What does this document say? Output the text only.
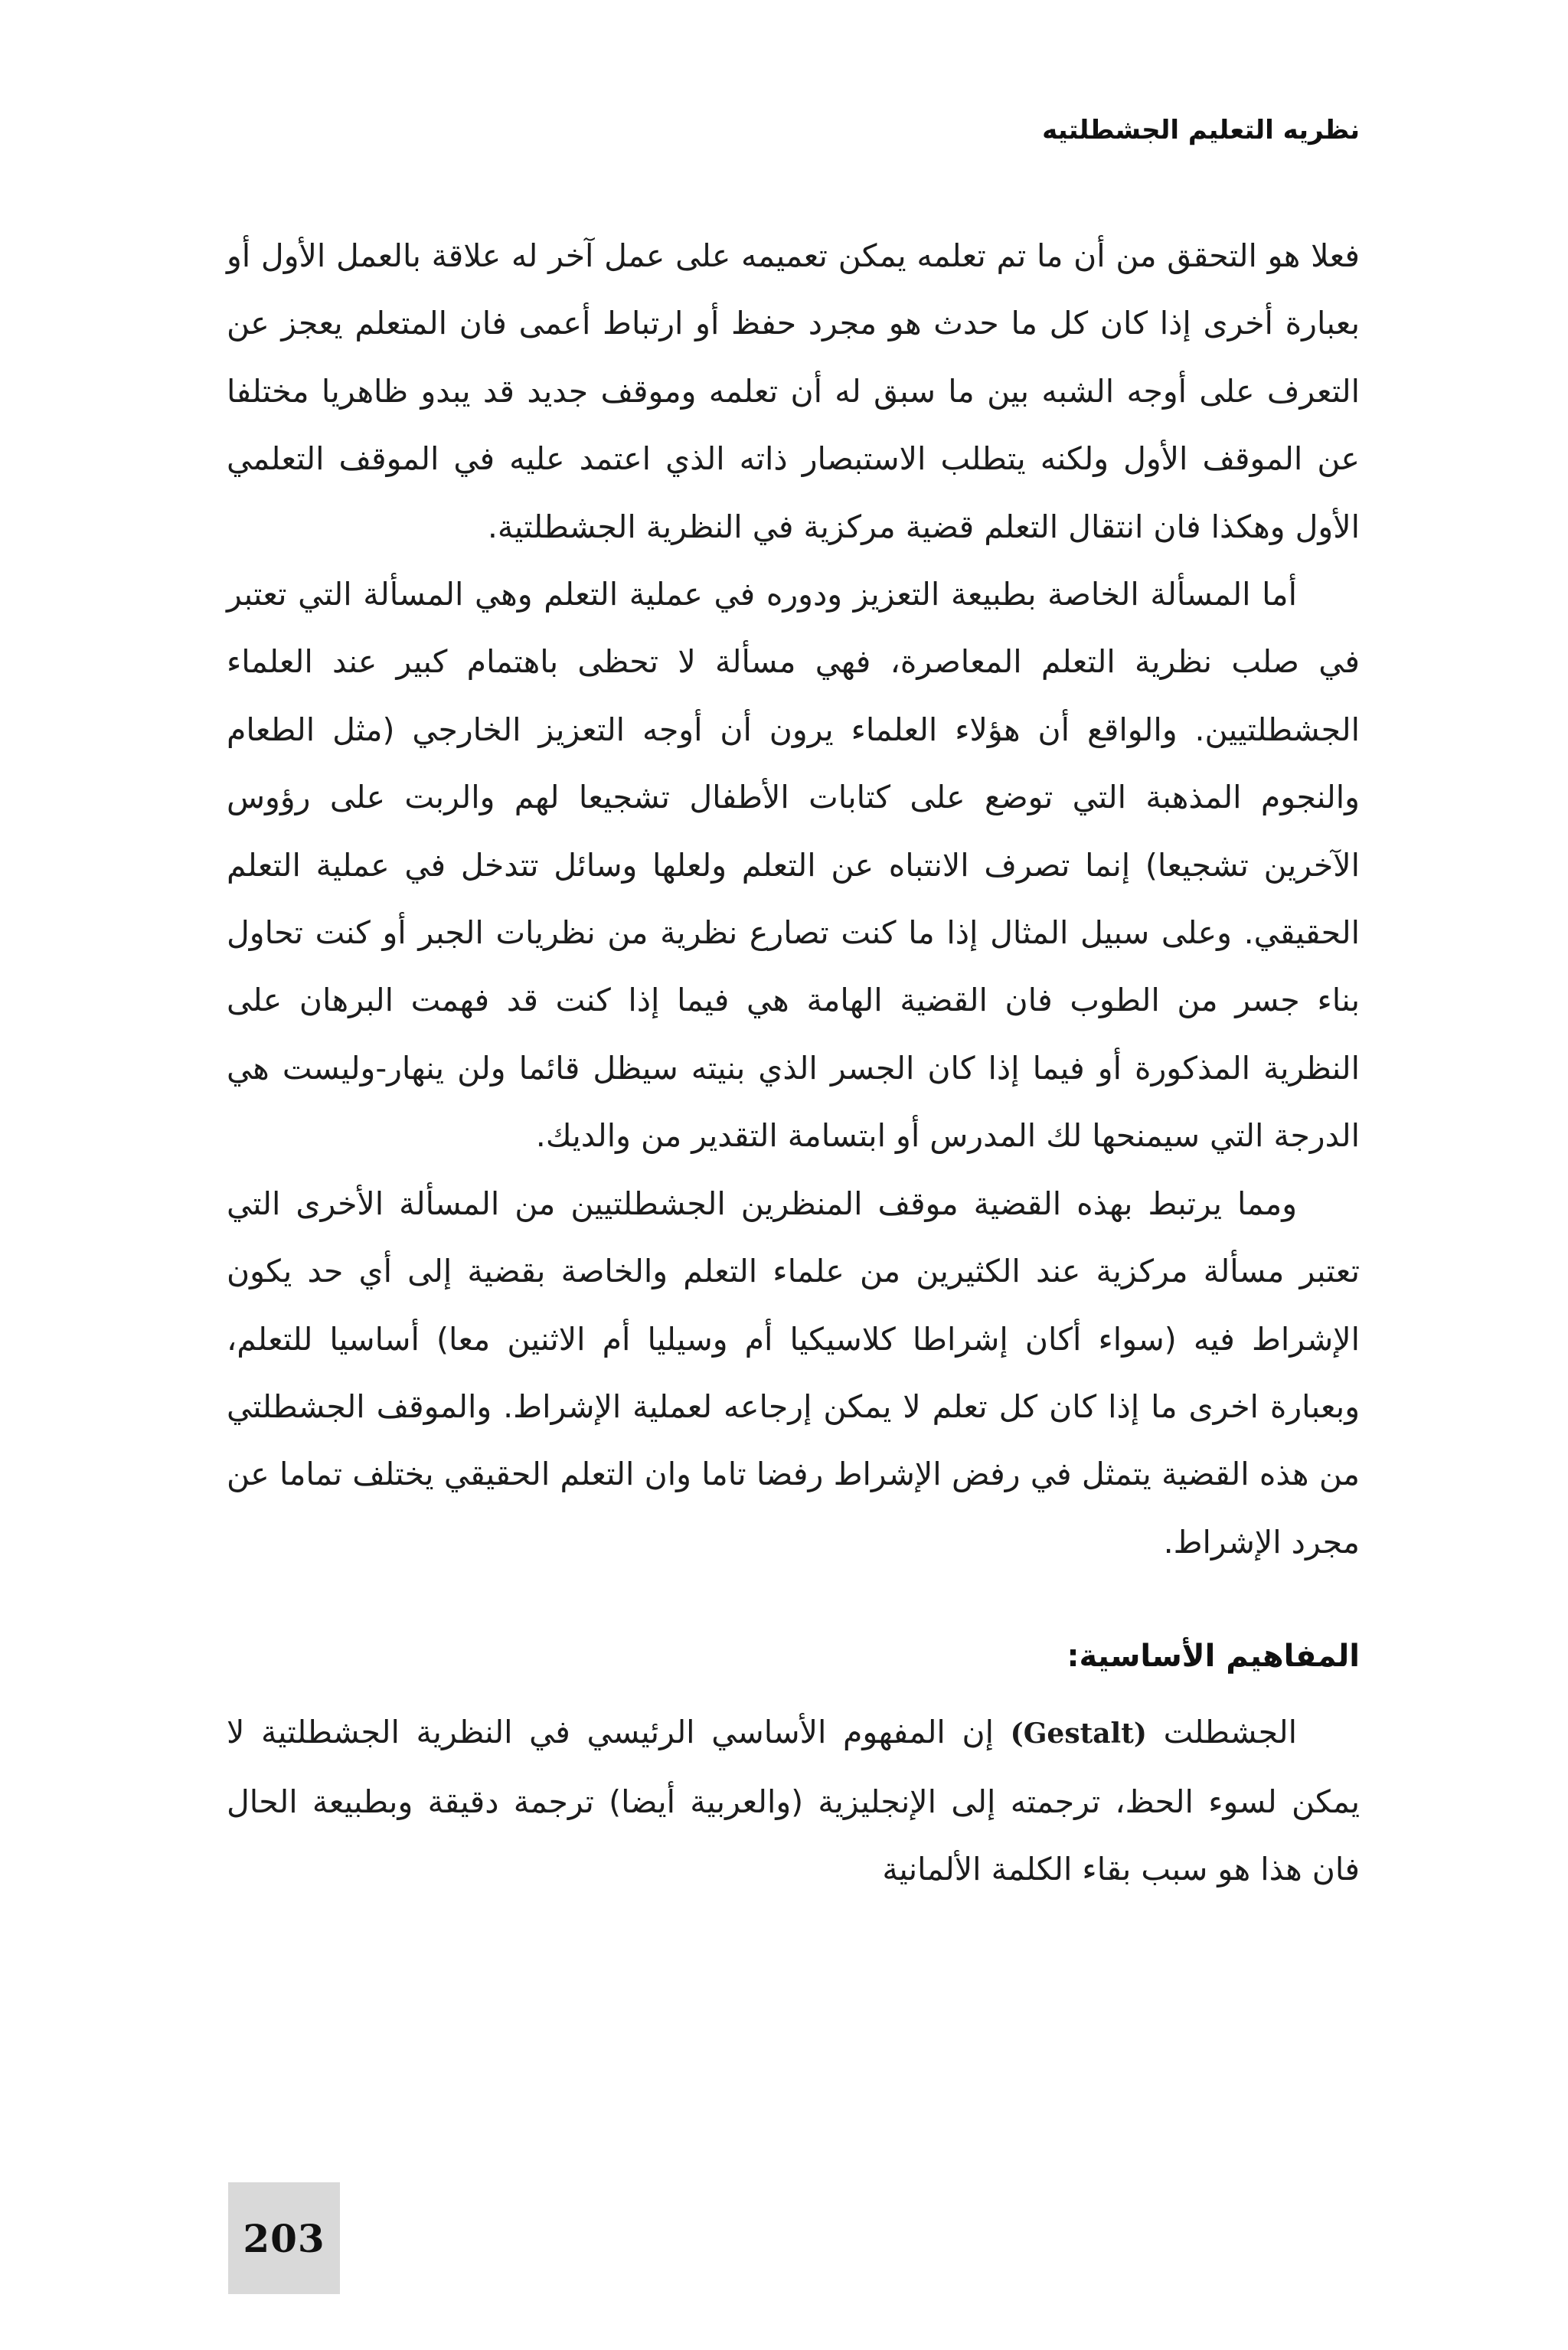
نظريه التعليم الجشطلتيه

فعلا هو التحقق من أن ما تم تعلمه يمكن تعميمه على عمل آخر له علاقة بالعمل الأول أو بعبارة أخرى إذا كان كل ما حدث هو مجرد حفظ أو ارتباط أعمى فان المتعلم يعجز عن التعرف على أوجه الشبه بين ما سبق له أن تعلمه وموقف جديد قد يبدو ظاهريا مختلفا عن الموقف الأول ولكنه يتطلب الاستبصار ذاته الذي اعتمد عليه في الموقف التعلمي الأول وهكذا فان انتقال التعلم قضية مركزية في النظرية الجشطلتية.

أما المسألة الخاصة بطبيعة التعزيز ودوره في عملية التعلم وهي المسألة التي تعتبر في صلب نظرية التعلم المعاصرة، فهي مسألة لا تحظى باهتمام كبير عند العلماء الجشطلتيين. والواقع أن هؤلاء العلماء يرون أن أوجه التعزيز الخارجي (مثل الطعام والنجوم المذهبة التي توضع على كتابات الأطفال تشجيعا لهم والربت على رؤوس الآخرين تشجيعا) إنما تصرف الانتباه عن التعلم ولعلها وسائل تتدخل في عملية التعلم الحقيقي. وعلى سبيل المثال إذا ما كنت تصارع نظرية من نظريات الجبر أو كنت تحاول بناء جسر من الطوب فان القضية الهامة هي فيما إذا كنت قد فهمت البرهان على النظرية المذكورة أو فيما إذا كان الجسر الذي بنيته سيظل قائما ولن ينهار-وليست هي الدرجة التي سيمنحها لك المدرس أو ابتسامة التقدير من والديك.

ومما يرتبط بهذه القضية موقف المنظرين الجشطلتيين من المسألة الأخرى التي تعتبر مسألة مركزية عند الكثيرين من علماء التعلم والخاصة بقضية إلى أي حد يكون الإشراط فيه (سواء أكان إشراطا كلاسيكيا أم وسيليا أم الاثنين معا) أساسيا للتعلم، وبعبارة اخرى ما إذا كان كل تعلم لا يمكن إرجاعه لعملية الإشراط. والموقف الجشطلتي من هذه القضية يتمثل في رفض الإشراط رفضا تاما وان التعلم الحقيقي يختلف تماما عن مجرد الإشراط.

المفاهيم الأساسية:

الجشطلت (Gestalt) إن المفهوم الأساسي الرئيسي في النظرية الجشطلتية لا يمكن لسوء الحظ، ترجمته إلى الإنجليزية (والعربية أيضا) ترجمة دقيقة وبطبيعة الحال فان هذا هو سبب بقاء الكلمة الألمانية

203
